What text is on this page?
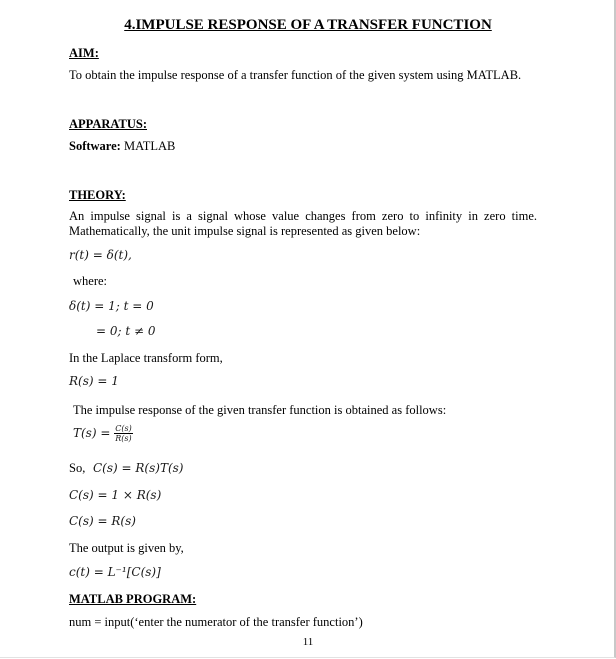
4.IMPULSE RESPONSE OF A TRANSFER FUNCTION
AIM:
To obtain the impulse response of a transfer function of the given system using MATLAB.
APPARATUS:
Software: MATLAB
THEORY:
An impulse signal is a signal whose value changes from zero to infinity in zero time.
Mathematically, the unit impulse signal is represented as given below:
r(t) = δ(t),
where:
δ(t) = 1; t = 0
= 0; t ≠ 0
In the Laplace transform form,
R(s) = 1
The impulse response of the given transfer function is obtained as follows:
$T(s) = \frac{C(s)}{R(s)}$
So, C(s) = R(s)T(s)
C(s) = 1 × R(s)
C(s) = R(s)
The output is given by,
c(t) = L⁻¹[C(s)]
MATLAB PROGRAM:
num = input(‘enter the numerator of the transfer function’)
11
